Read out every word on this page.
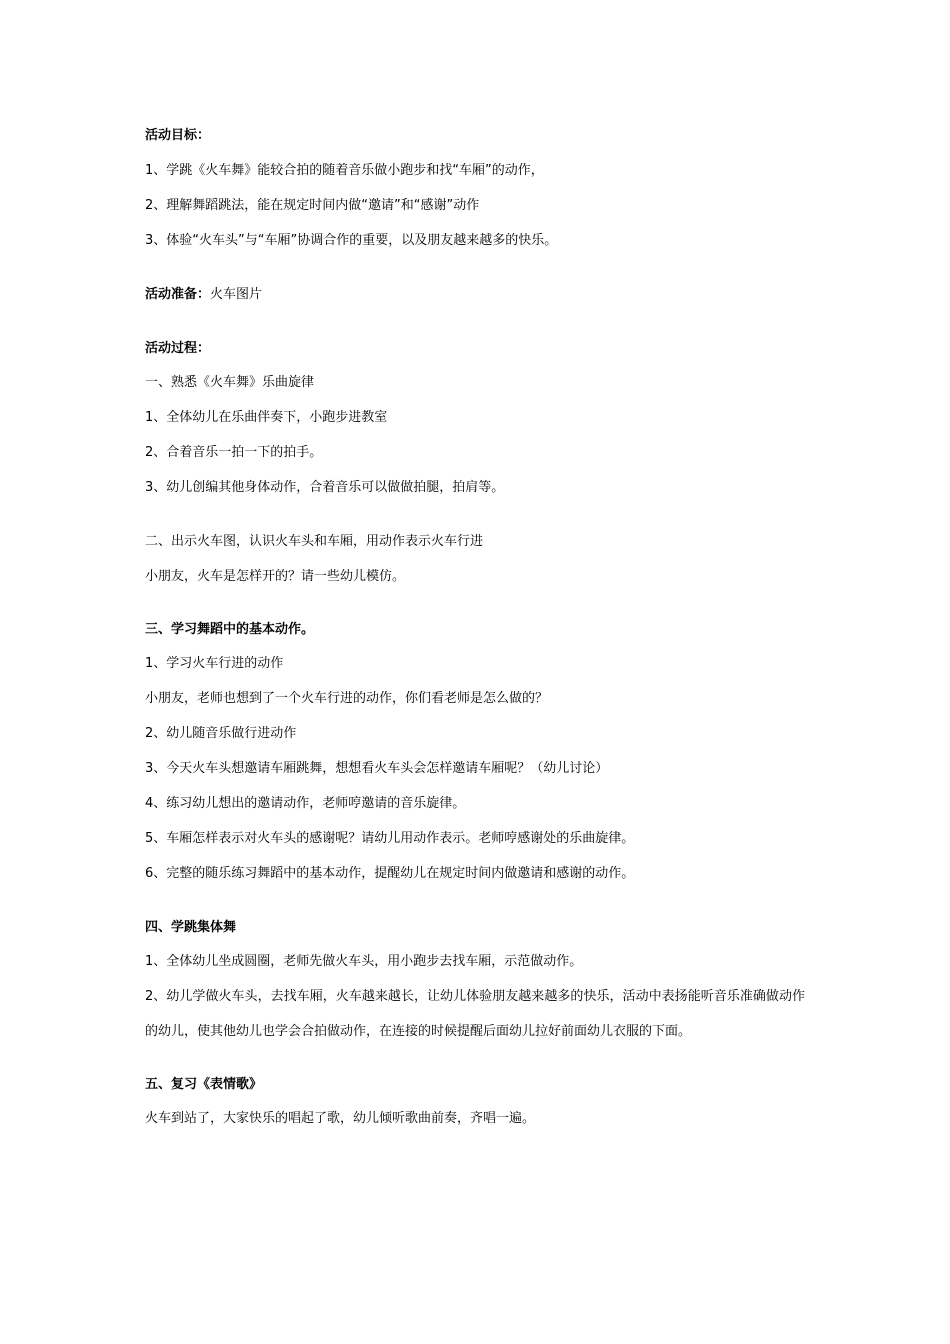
活动目标：
1、学跳《火车舞》能较合拍的随着音乐做小跑步和找“车厢”的动作，
2、理解舞蹈跳法，能在规定时间内做“邀请”和“感谢”动作
3、体验“火车头”与“车厢”协调合作的重要，以及朋友越来越多的快乐。
活动准备：火车图片
活动过程：
一、熟悉《火车舞》乐曲旋律
1、全体幼儿在乐曲伴奏下，小跑步进教室
2、合着音乐一拍一下的拍手。
3、幼儿创编其他身体动作，合着音乐可以做做拍腿，拍肩等。
二、出示火车图，认识火车头和车厢，用动作表示火车行进
小朋友，火车是怎样开的？请一些幼儿模仿。
三、学习舞蹈中的基本动作。
1、学习火车行进的动作
小朋友，老师也想到了一个火车行进的动作，你们看老师是怎么做的？
2、幼儿随音乐做行进动作
3、今天火车头想邀请车厢跳舞，想想看火车头会怎样邀请车厢呢？（幼儿讨论）
4、练习幼儿想出的邀请动作，老师哼邀请的音乐旋律。
5、车厢怎样表示对火车头的感谢呢？请幼儿用动作表示。老师哼感谢处的乐曲旋律。
6、完整的随乐练习舞蹈中的基本动作，提醒幼儿在规定时间内做邀请和感谢的动作。
四、学跳集体舞
1、全体幼儿坐成圆圈，老师先做火车头，用小跑步去找车厢，示范做动作。
2、幼儿学做火车头，去找车厢，火车越来越长，让幼儿体验朋友越来越多的快乐，活动中表扬能听音乐准确做动作的幼儿，使其他幼儿也学会合拍做动作，在连接的时候提醒后面幼儿拉好前面幼儿衣服的下面。
五、复习《表情歌》
火车到站了，大家快乐的唱起了歌，幼儿倾听歌曲前奏，齐唱一遍。
